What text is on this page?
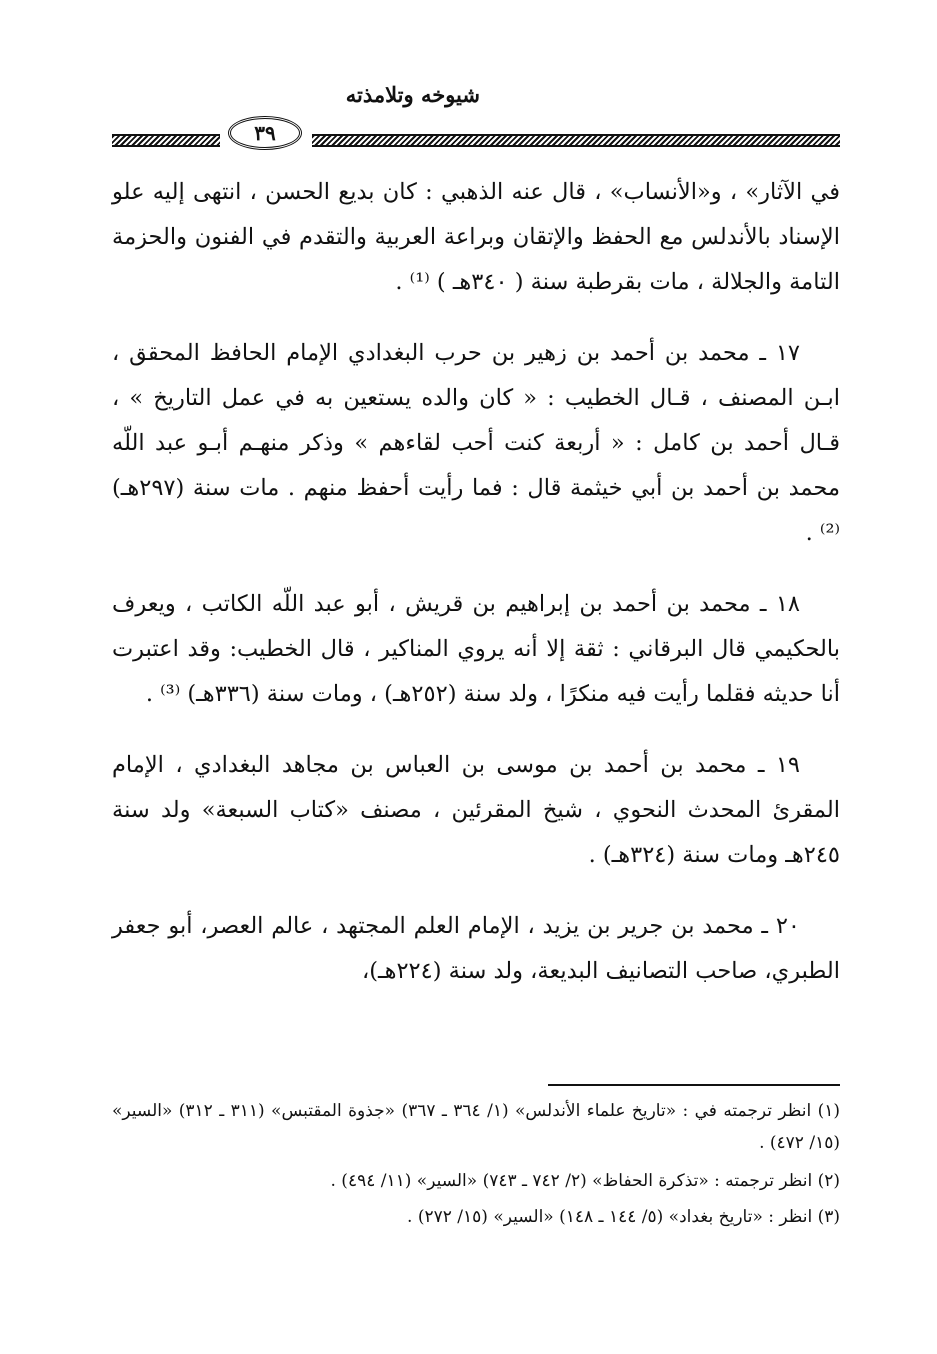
شيوخه وتلامذته
٣٩

في الآثار» ، و«الأنساب» ، قال عنه الذهبي : كان بديع الحسن ، انتهى إليه علو الإسناد بالأندلس مع الحفظ والإتقان وبراعة العربية والتقدم في الفنون والحزمة التامة والجلالة ، مات بقرطبة سنة ( ٣٤٠هـ ) ⁽¹⁾ .

١٧ ـ محمد بن أحمد بن زهير بن حرب البغدادي الإمام الحافظ المحقق ، ابـن المصنف ، قـال الخطيب : « كان والده يستعين به في عمل التاريخ » ، قـال أحمد بن كامل : « أربعة كنت أحب لقاءهم » وذكر منهـم أبـو عبد اللّه محمد بن أحمد بن أبي خيثمة قال : فما رأيت أحفظ منهم . مات سنة (٢٩٧هـ) ⁽²⁾ .

١٨ ـ محمد بن أحمد بن إبراهيم بن قريش ، أبو عبد اللّه الكاتب ، ويعرف بالحكيمي قال البرقاني : ثقة إلا أنه يروي المناكير ، قال الخطيب: وقد اعتبرت أنا حديثه فقلما رأيت فيه منكرًا ، ولد سنة (٢٥٢هـ) ، ومات سنة (٣٣٦هـ) ⁽³⁾ .

١٩ ـ محمد بن أحمد بن موسى بن العباس بن مجاهد البغدادي ، الإمام المقرئ المحدث النحوي ، شيخ المقرئين ، مصنف «كتاب السبعة» ولد سنة ٢٤٥هـ ومات سنة (٣٢٤هـ) .

٢٠ ـ محمد بن جرير بن يزيد ، الإمام العلم المجتهد ، عالم العصر، أبو جعفر الطبري، صاحب التصانيف البديعة، ولد سنة (٢٢٤هـ)،

(١) انظر ترجمته في : «تاريخ علماء الأندلس» (١/ ٣٦٤ ـ ٣٦٧) «جذوة المقتبس» (٣١١ ـ ٣١٢) «السير» (١٥/ ٤٧٢) .

(٢) انظر ترجمته : «تذكرة الحفاظ» (٢/ ٧٤٢ ـ ٧٤٣) «السير» (١١/ ٤٩٤) .

(٣) انظر : «تاريخ بغداد» (٥/ ١٤٤ ـ ١٤٨) «السير» (١٥/ ٢٧٢) .
